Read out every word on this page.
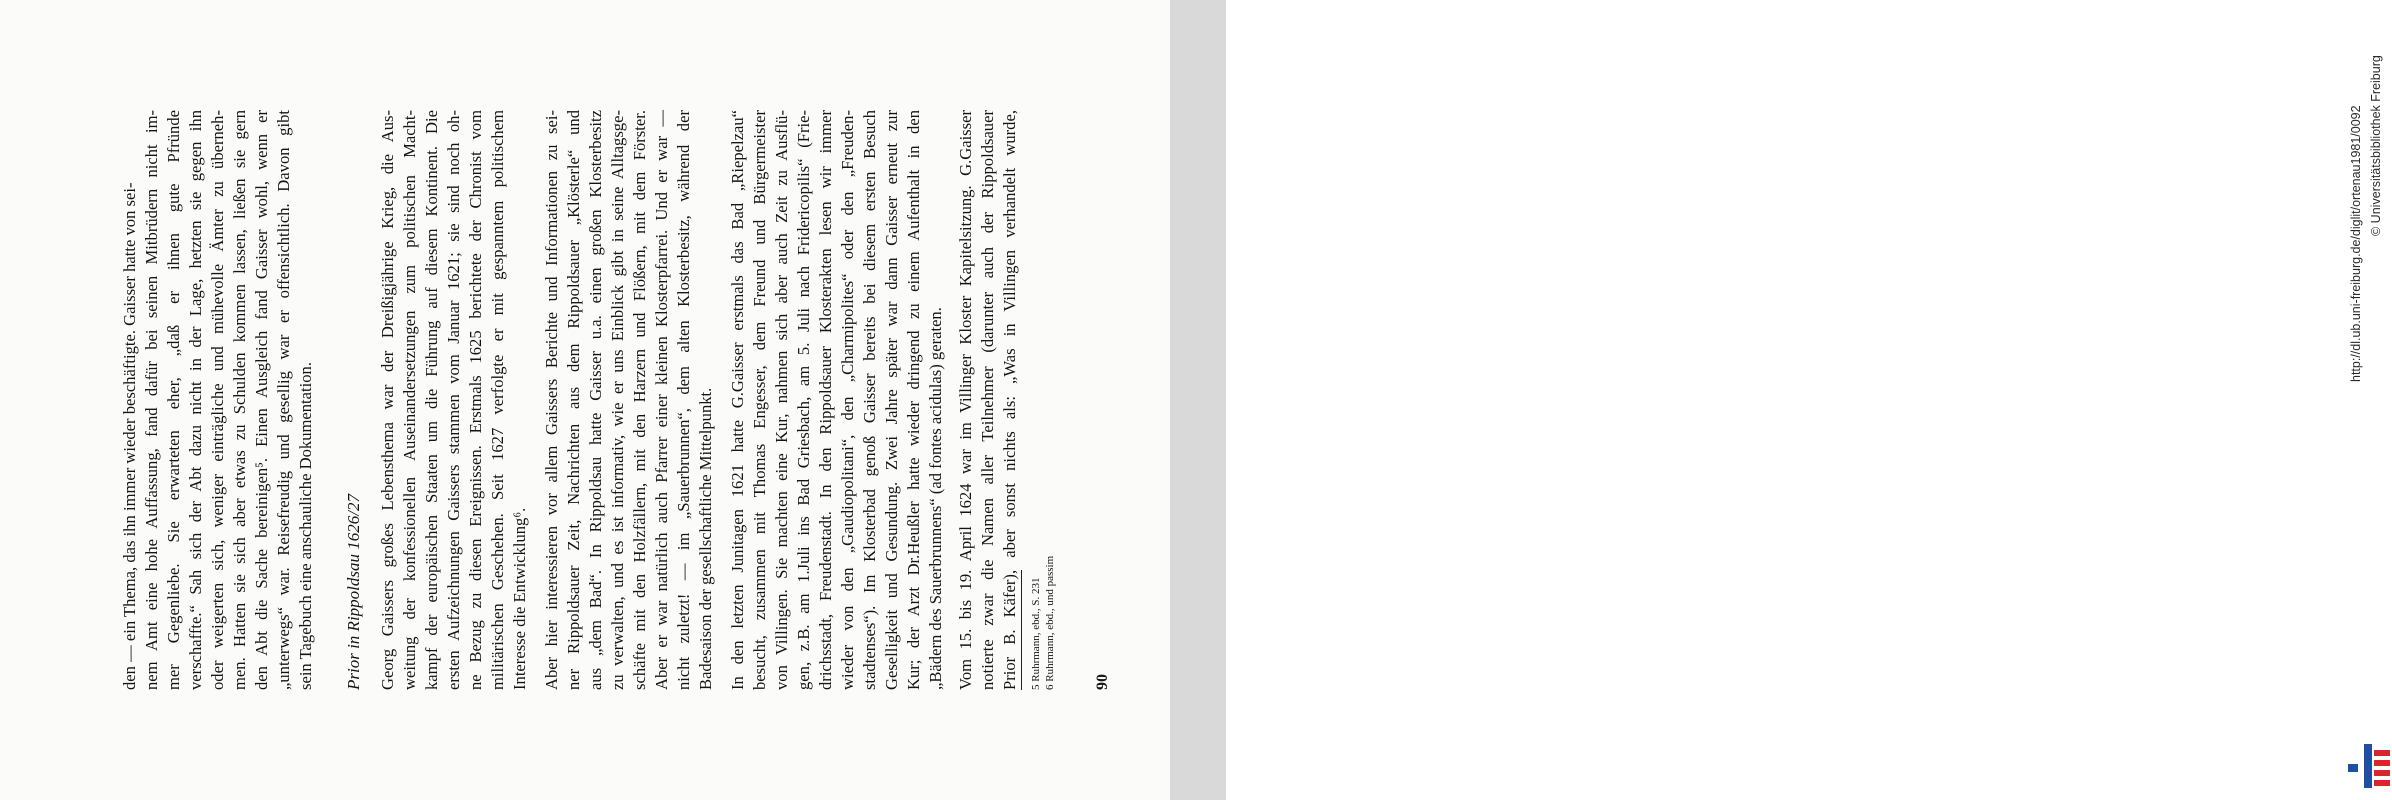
den — ein Thema, das ihn immer wieder beschäftigte. Gaisser hatte von sei- nem Amt eine hohe Auffassung, fand dafür bei seinen Mitbrüdern nicht im- mer Gegenliebe. Sie erwarteten eher, „daß er ihnen gute Pfründe verschaffte.“ Sah sich der Abt dazu nicht in der Lage, hetzten sie gegen ihn oder weigerten sich, weniger einträgliche und mühevolle Ämter zu überneh- men. Hatten sie sich aber etwas zu Schulden kommen lassen, ließen sie gern den Abt die Sache bereinigen⁵. Einen Ausgleich fand Gaisser wohl, wenn er „unterwegs“ war. Reisefreudig und gesellig war er offensichtlich. Davon gibt sein Tagebuch eine anschauliche Dokumentation. Prior in Rippoldsau 1626/27 Georg Gaissers großes Lebensthema war der Dreißigjährige Krieg, die Aus- weitung der konfessionellen Auseinandersetzungen zum politischen Macht- kampf der europäischen Staaten um die Führung auf diesem Kontinent. Die ersten Aufzeichnungen Gaissers stammen vom Januar 1621; sie sind noch oh- ne Bezug zu diesen Ereignissen. Erstmals 1625 berichtete der Chronist vom militärischen Geschehen. Seit 1627 verfolgte er mit gespanntem politischem Interesse die Entwicklung⁶. Aber hier interessieren vor allem Gaissers Berichte und Informationen zu sei- ner Rippoldsauer Zeit, Nachrichten aus dem Rippoldsauer „Klösterle“ und aus „dem Bad“. In Rippoldsau hatte Gaisser u.a. einen großen Klosterbesitz zu verwalten, und es ist informativ, wie er uns Einblick gibt in seine Alltagsge- schäfte mit den Holzfällern, mit den Harzern und Flößern, mit dem Förster. Aber er war natürlich auch Pfarrer einer kleinen Klosterpfarrei. Und er war — nicht zuletzt! — im „Sauerbrunnen“, dem alten Klosterbesitz, während der Badesaison der gesellschaftliche Mittelpunkt. In den letzten Junitagen 1621 hatte G.Gaisser erstmals das Bad „Riepelzau“ besucht, zusammen mit Thomas Engesser, dem Freund und Bürgermeister von Villingen. Sie machten eine Kur, nahmen sich aber auch Zeit zu Ausflü- gen, z.B. am 1.Juli ins Bad Griesbach, am 5. Juli nach Fridericopilis“ (Frie- drichsstadt, Freudenstadt. In den Rippoldsauer Klosterakten lesen wir immer wieder von den „Gaudiopolitani“, den „Charmipolites“ oder den „Freuden- stadtenses“). Im Klosterbad genoß Gaisser bereits bei diesem ersten Besuch Geselligkeit und Gesundung. Zwei Jahre später war dann Gaisser erneut zur Kur; der Arzt Dr.Heußler hatte wieder dringend zu einem Aufenthalt in den „Bädern des Sauerbrunnens“ (ad fontes acidulas) geraten. Vom 15. bis 19. April 1624 war im Villinger Kloster Kapitelsitzung. G.Gaisser notierte zwar die Namen aller Teilnehmer (darunter auch der Rippoldsauer Prior B. Käfer), aber sonst nichts als: „Was in Villingen verhandelt wurde, 5 Ruhrmann, ebd., S. 231 6 Ruhrmann, ebd., und passim 90
http://dl.ub.uni-freiburg.de/diglit/ortenau1981/0092 © Universitätsbibliothek Freiburg
